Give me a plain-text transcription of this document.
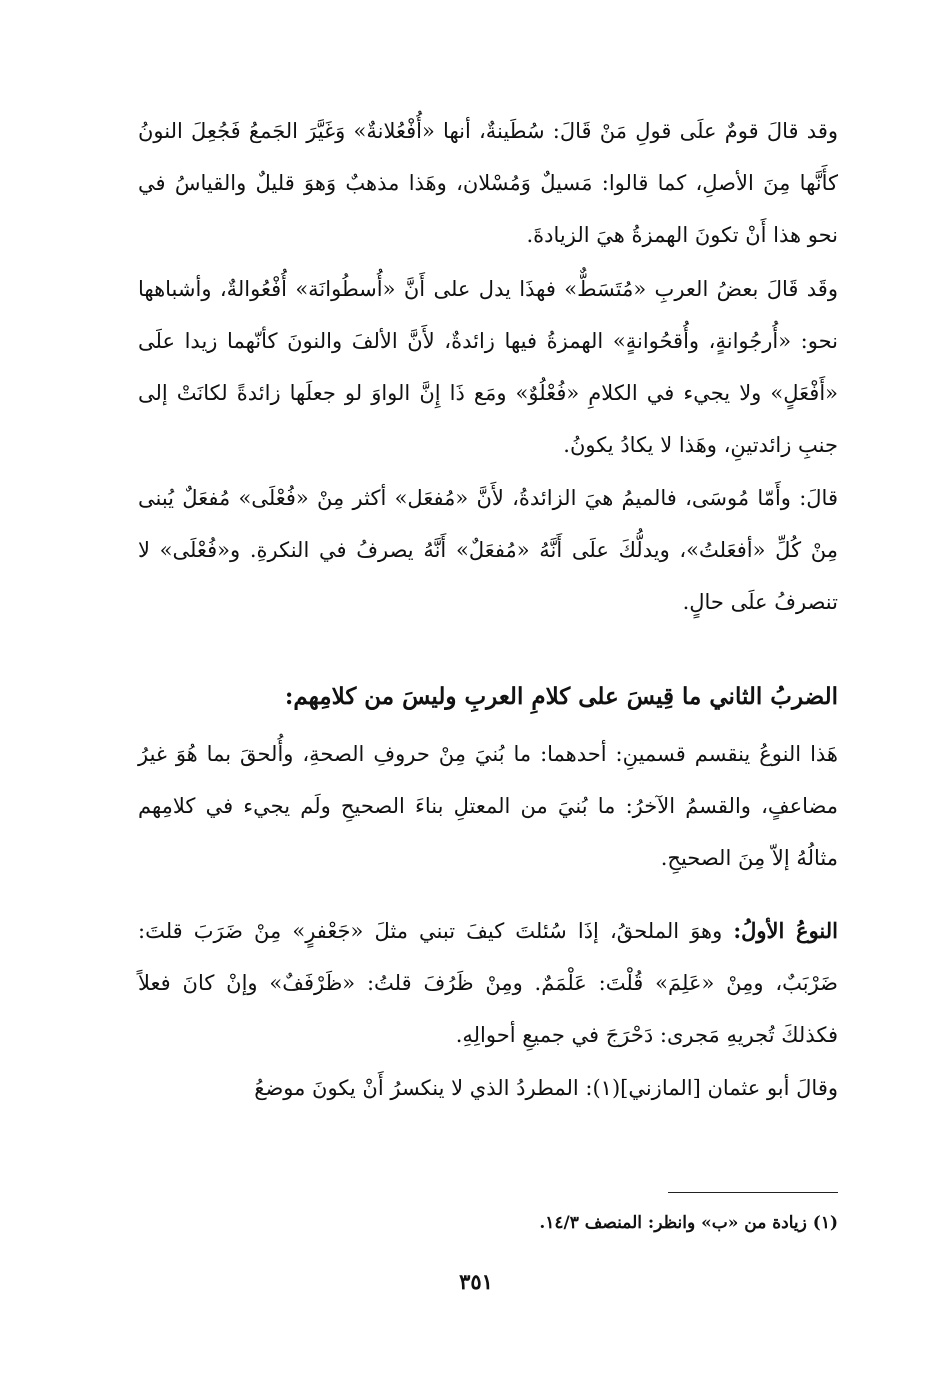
وقد قالَ قومٌ علَى قولِ مَنْ قَالَ: سُطَينةٌ، أنها «أُفْعُلانةٌ» وَغَيَّرَ الجَمعُ فَجُعِلَ النونُ كأَنَّها مِنَ الأصلِ، كما قالوا: مَسيلٌ وَمُسْلان، وهَذا مذهبٌ وَهوَ قليلٌ والقياسُ في نحو هذا أَنْ تكونَ الهمزةُ هيَ الزيادةَ.

وقَد قَالَ بعضُ العربِ «مُتَسَطٌّ» فهذَا يدل على أَنَّ «أُسطُوانَة» أُفْعُوالةٌ، وأشباهها نحو: «أُرجُوانةٍ، وأُقحُوانةٍ» الهمزةُ فيها زائدةٌ، لأَنَّ الألفَ والنونَ كأنّهما زيدا علَى «أَفْعَلٍ» ولا يجيء في الكلامِ «فُعْلُوٌ» ومَع ذَا إِنَّ الواوَ لو جعلَها زائدةً لكانَتْ إلى جنبِ زائدتينِ، وهَذا لا يكادُ يكونُ.

قالَ: وأَمّا مُوسَى، فالميمُ هيَ الزائدةُ، لأَنَّ «مُفعَل» أكثر مِنْ «فُعْلَى» مُفعَلٌ يُبنى مِنْ كُلِّ «أفعَلتُ»، ويدلُّكَ علَى أَنَّهُ «مُفعَلٌ» أَنَّهُ يصرفُ في النكرةِ. و«فُعْلَى» لا تنصرفُ علَى حالٍ.

الضربُ الثاني ما قِيسَ على كلامِ العربِ وليسَ من كلامِهم:

هَذا النوعُ ينقسم قسمينِ: أحدهما: ما بُنيَ مِنْ حروفِ الصحةِ، وأُلحقَ بما هُوَ غيرُ مضاعفٍ، والقسمُ الآخرُ: ما بُنيَ من المعتلِ بناءَ الصحيحِ ولَم يجيء في كلامِهم مثالُهُ إلاّ مِنَ الصحيحِ.

النوعُ الأولُ: وهوَ الملحقُ، إذَا سُئلتَ كيفَ تبني مثلَ «جَعْفرٍ» مِنْ ضَرَبَ قلتَ: ضَرْبَبٌ، ومِنْ «عَلِمَ» قُلْتَ: عَلْمَمٌ. ومِنْ ظَرُفَ قلتُ: «ظَرْفَفٌ» وإنْ كانَ فعلاً فكذلكَ تُجريهِ مَجرى: دَحْرَجَ في جميعِ أحوالِهِ.

وقالَ أبو عثمان [المازني](١): المطردُ الذي لا ينكسرُ أَنْ يكونَ موضعُ

(١) زيادة من «ب» وانظر: المنصف ١٤/٣.

٣٥١
